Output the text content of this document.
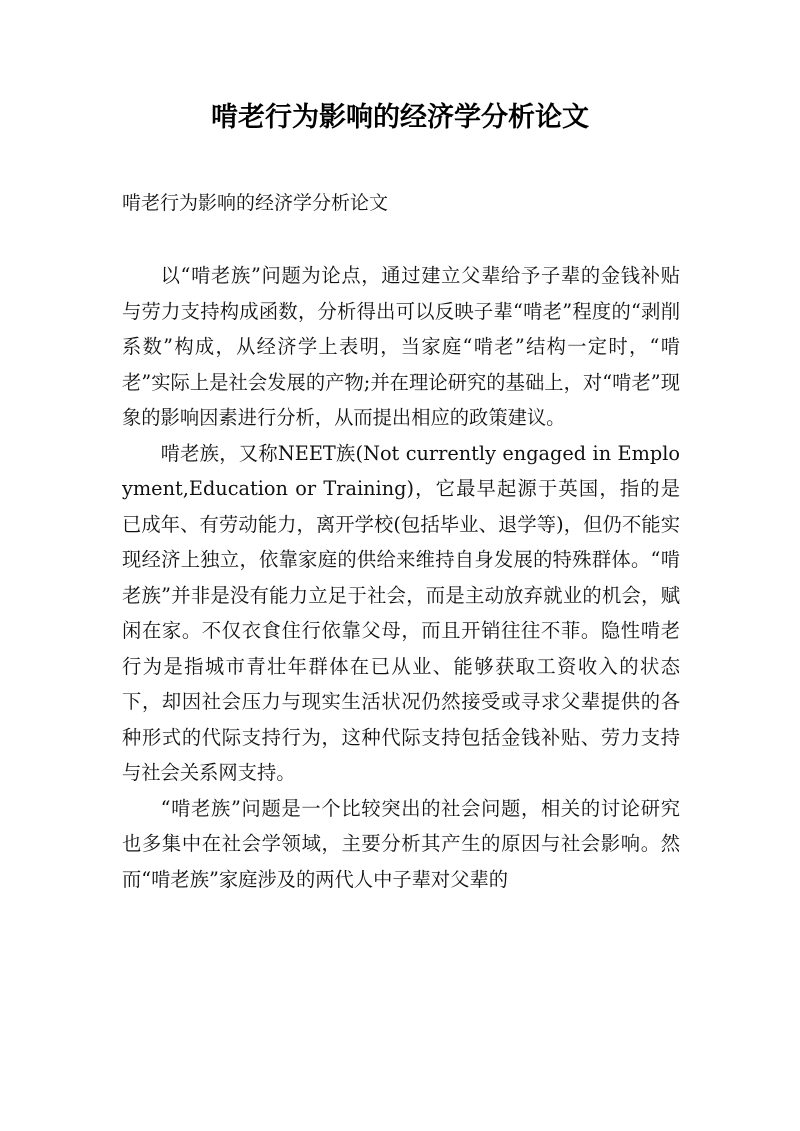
啃老行为影响的经济学分析论文

啃老行为影响的经济学分析论文

以“啃老族”问题为论点，通过建立父辈给予子辈的金钱补贴与劳力支持构成函数，分析得出可以反映子辈“啃老”程度的“剥削系数”构成，从经济学上表明，当家庭“啃老”结构一定时，“啃老”实际上是社会发展的产物;并在理论研究的基础上，对“啃老”现象的影响因素进行分析，从而提出相应的政策建议。

啃老族，又称NEET族(Not currently engaged in Employment,Education or Training)，它最早起源于英国，指的是已成年、有劳动能力，离开学校(包括毕业、退学等)，但仍不能实现经济上独立，依靠家庭的供给来维持自身发展的特殊群体。“啃老族”并非是没有能力立足于社会，而是主动放弃就业的机会，赋闲在家。不仅衣食住行依靠父母，而且开销往往不菲。隐性啃老行为是指城市青壮年群体在已从业、能够获取工资收入的状态下，却因社会压力与现实生活状况仍然接受或寻求父辈提供的各种形式的代际支持行为，这种代际支持包括金钱补贴、劳力支持与社会关系网支持。

“啃老族”问题是一个比较突出的社会问题，相关的讨论研究也多集中在社会学领域，主要分析其产生的原因与社会影响。然而“啃老族”家庭涉及的两代人中子辈对父辈的
